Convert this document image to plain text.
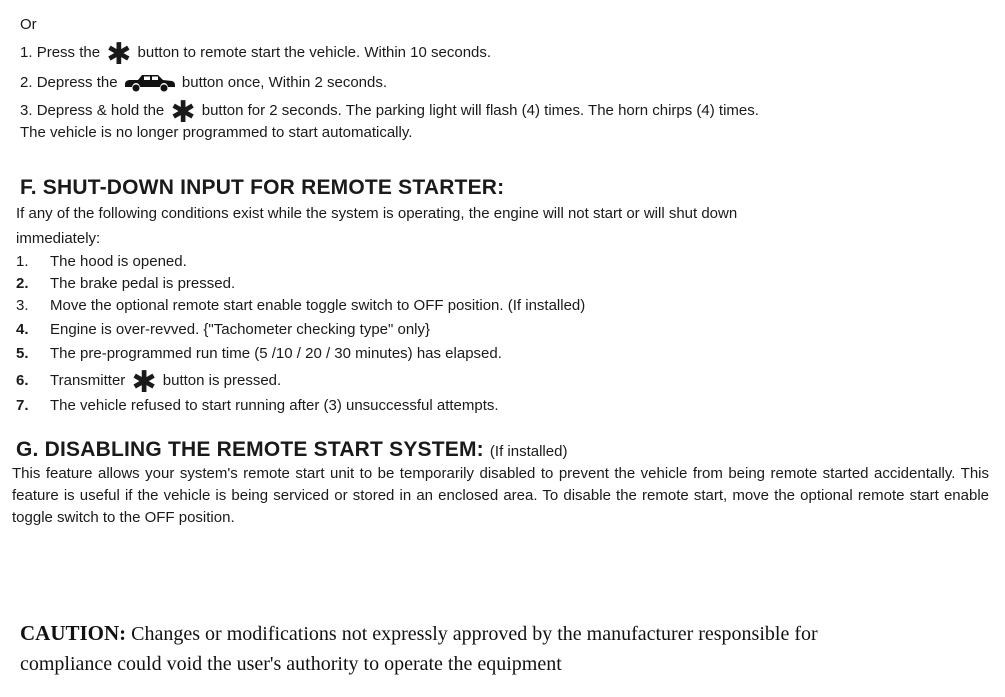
Or
1. Press the ✱ button to remote start the vehicle. Within 10 seconds.
2. Depress the	button once, Within 2 seconds.
3. Depress & hold the ✱ button for 2 seconds. The parking light will flash (4) times. The horn chirps (4) times.
The vehicle is no longer programmed to start automatically.
F. SHUT-DOWN INPUT FOR REMOTE STARTER:
If any of the following conditions exist while the system is operating, the engine will not start or will shut down
immediately:
1. The hood is opened.
2. The brake pedal is pressed.
3. Move the optional remote start enable toggle switch to OFF position. (If installed)
4. Engine is over-revved. {"Tachometer checking type" only}
5. The pre-programmed run time (5 /10 / 20 / 30 minutes) has elapsed.
6. Transmitter ✱ button is pressed.
7. The vehicle refused to start running after (3) unsuccessful attempts.
G. DISABLING THE REMOTE START SYSTEM: (If installed)
This feature allows your system's remote start unit to be temporarily disabled to prevent the vehicle from being remote started accidentally. This feature is useful if the vehicle is being serviced or stored in an enclosed area. To disable the remote start, move the optional remote start enable toggle switch to the OFF position.
CAUTION: Changes or modifications not expressly approved by the manufacturer responsible for compliance could void the user's authority to operate the equipment
